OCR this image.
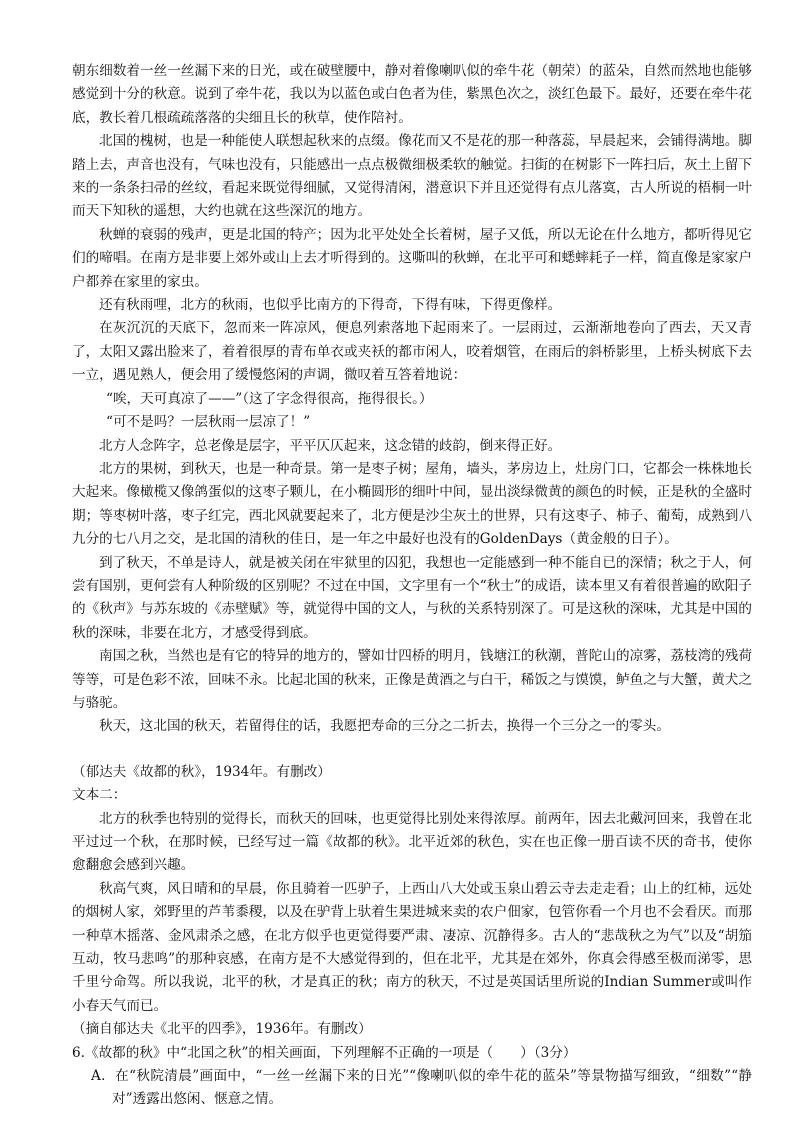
朝东细数着一丝一丝漏下来的日光，或在破壁腰中，静对着像喇叭似的牵牛花（朝荣）的蓝朵，自然而然地也能够感觉到十分的秋意。说到了牵牛花，我以为以蓝色或白色者为佳，紫黑色次之，淡红色最下。最好，还要在牵牛花底，教长着几根疏疏落落的尖细且长的秋草，使作陪衬。

北国的槐树，也是一种能使人联想起秋来的点缀。像花而又不是花的那一种落蕊，早晨起来，会铺得满地。脚踏上去，声音也没有，气味也没有，只能感出一点点极微细极柔软的触觉。扫街的在树影下一阵扫后，灰土上留下来的一条条扫帚的丝纹，看起来既觉得细腻，又觉得清闲，潜意识下并且还觉得有点儿落寞，古人所说的梧桐一叶而天下知秋的遥想，大约也就在这些深沉的地方。

秋蝉的衰弱的残声，更是北国的特产；因为北平处处全长着树，屋子又低，所以无论在什么地方，都听得见它们的啼唱。在南方是非要上郊外或山上去才听得到的。这嘶叫的秋蝉，在北平可和蟋蟀耗子一样，简直像是家家户户都养在家里的家虫。

还有秋雨哩，北方的秋雨，也似乎比南方的下得奇，下得有味，下得更像样。

在灰沉沉的天底下，忽而来一阵凉风，便息列索落地下起雨来了。一层雨过，云渐渐地卷向了西去，天又青了，太阳又露出脸来了，着着很厚的青布单衣或夹袄的都市闲人，咬着烟管，在雨后的斜桥影里，上桥头树底下去一立，遇见熟人，便会用了缓慢悠闲的声调，微叹着互答着地说：

“唉，天可真凉了——”（这了字念得很高，拖得很长。）

“可不是吗？一层秋雨一层凉了！”

北方人念阵字，总老像是层字，平平仄仄起来，这念错的歧韵，倒来得正好。

北方的果树，到秋天，也是一种奇景。第一是枣子树；屋角，墙头，茅房边上，灶房门口，它都会一株株地长大起来。像橄榄又像鸽蛋似的这枣子颗儿，在小椭圆形的细叶中间，显出淡绿微黄的颜色的时候，正是秋的全盛时期；等枣树叶落，枣子红完，西北风就要起来了，北方便是沙尘灰土的世界，只有这枣子、柿子、葡萄，成熟到八九分的七八月之交，是北国的清秋的佳日，是一年之中最好也没有的GoldenDays（黄金般的日子）。

到了秋天，不单是诗人，就是被关闭在牢狱里的囚犯，我想也一定能感到一种不能自已的深情；秋之于人，何尝有国别，更何尝有人种阶级的区别呢？不过在中国，文字里有一个“秋士”的成语，读本里又有着很普遍的欧阳子的《秋声》与苏东坡的《赤壁赋》等，就觉得中国的文人，与秋的关系特别深了。可是这秋的深味，尤其是中国的秋的深味，非要在北方，才感受得到底。

南国之秋，当然也是有它的特异的地方的，譬如廿四桥的明月，钱塘江的秋潮，普陀山的凉雾，荔枝湾的残荷等等，可是色彩不浓，回味不永。比起北国的秋来，正像是黄酒之与白干，稀饭之与馍馍，鲈鱼之与大蟹，黄犬之与骆驼。

秋天，这北国的秋天，若留得住的话，我愿把寿命的三分之二折去，换得一个三分之一的零头。

（郁达夫《故都的秋》，1934年。有删改）

文本二：

北方的秋季也特别的觉得长，而秋天的回味，也更觉得比别处来得浓厚。前两年，因去北戴河回来，我曾在北平过过一个秋，在那时候，已经写过一篇《故都的秋》。北平近郊的秋色，实在也正像一册百读不厌的奇书，使你愈翻愈会感到兴趣。

秋高气爽，风日晴和的早晨，你且骑着一匹驴子，上西山八大处或玉泉山碧云寺去走走看；山上的红柿，远处的烟树人家，郊野里的芦苇黍稷，以及在驴背上驮着生果进城来卖的农户佃家，包管你看一个月也不会看厌。而那一种草木摇落、金风肃杀之感，在北方似乎也更觉得要严肃、凄凉、沉静得多。古人的“悲哉秋之为气”以及“胡笳互动，牧马悲鸣”的那种哀感，在南方是不大感觉得到的，但在北平，尤其是在郊外，你真会得感至极而涕零，思千里兮命驾。所以我说，北平的秋，才是真正的秋；南方的秋天，不过是英国话里所说的Indian Summer或叫作小春天气而已。

（摘自郁达夫《北平的四季》，1936年。有删改）

6.《故都的秋》中“北国之秋”的相关画面，下列理解不正确的一项是（　　）（3分）

A．在“秋院清晨”画面中，“一丝一丝漏下来的日光”“像喇叭似的牵牛花的蓝朵”等景物描写细致，“细数”“静对”透露出悠闲、惬意之情。
